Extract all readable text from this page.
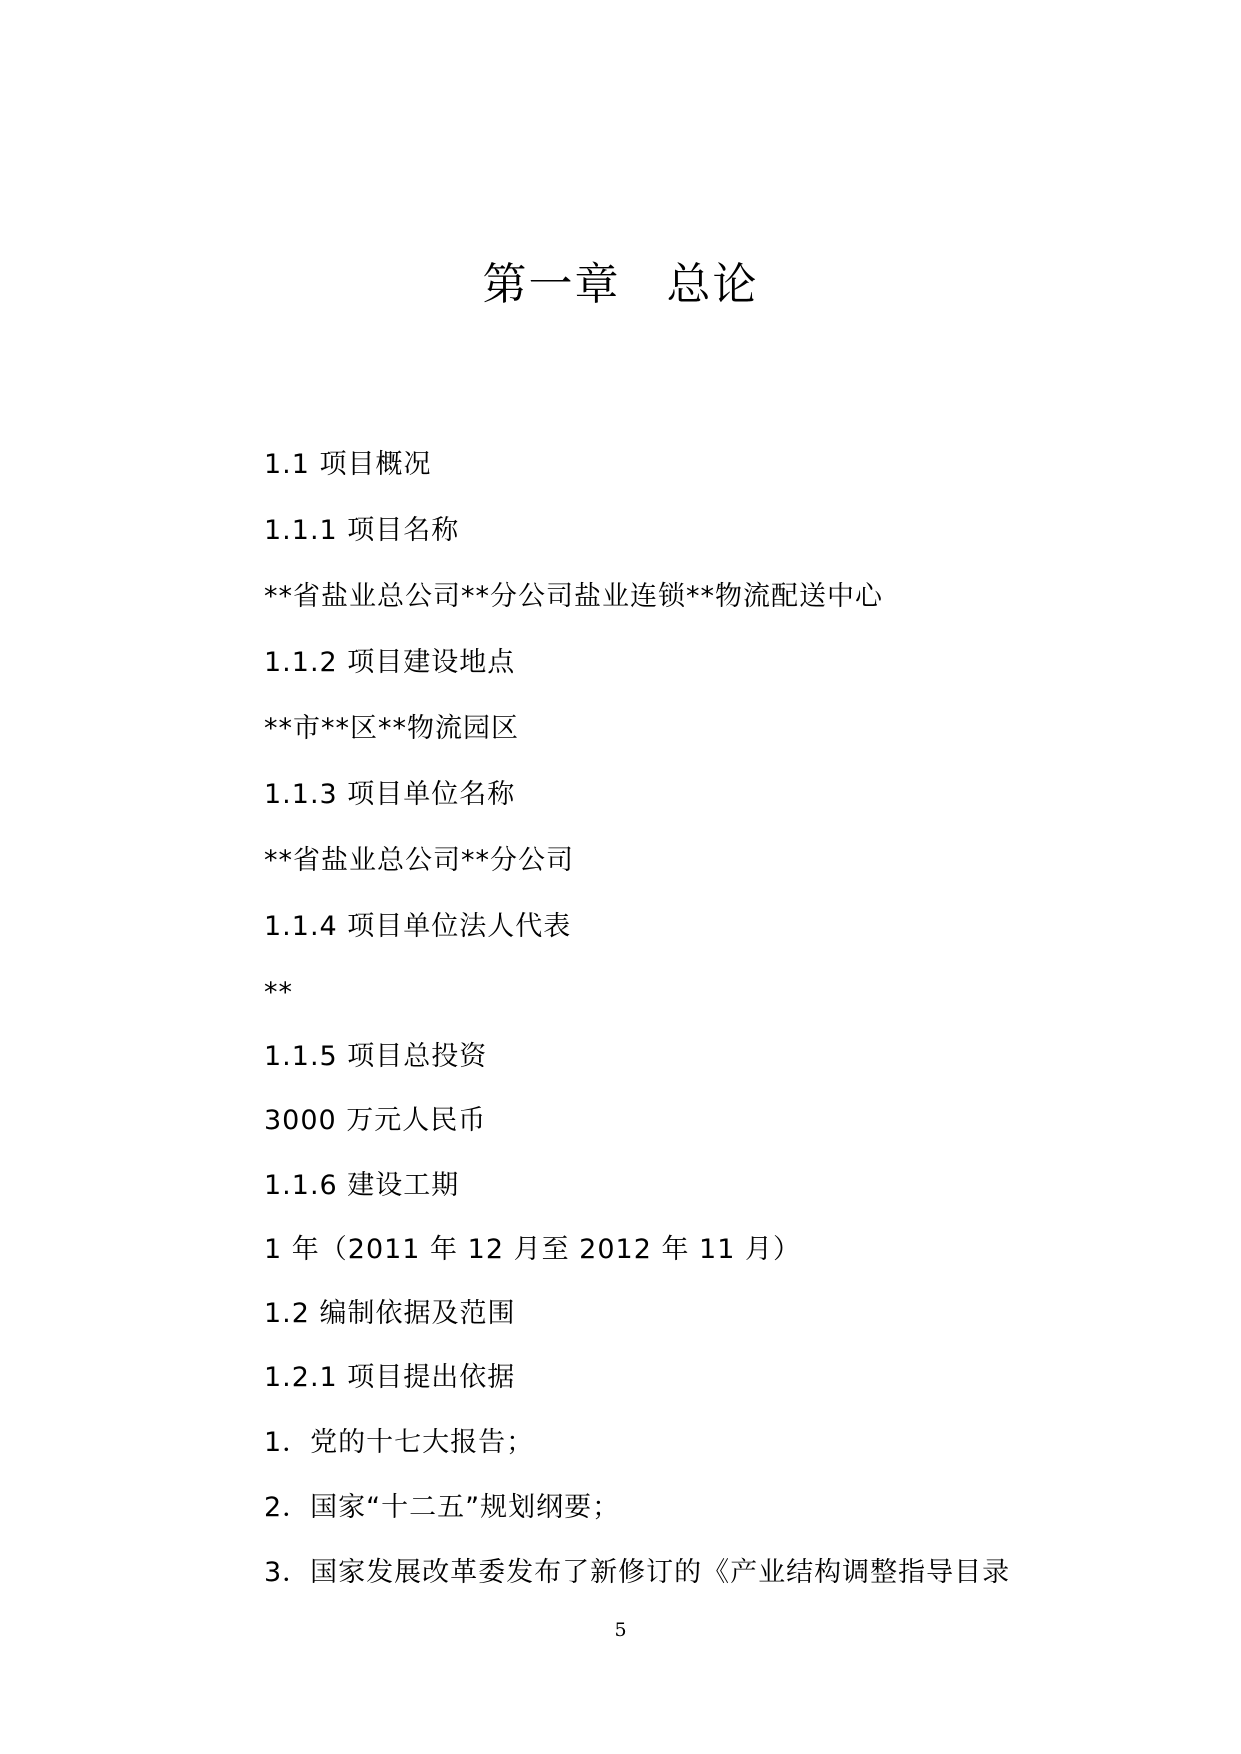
第一章　总论
1.1 项目概况
1.1.1 项目名称
**省盐业总公司**分公司盐业连锁**物流配送中心
1.1.2 项目建设地点
**市**区**物流园区
1.1.3 项目单位名称
**省盐业总公司**分公司
1.1.4 项目单位法人代表
**
1.1.5 项目总投资
3000 万元人民币
1.1.6 建设工期
1 年（2011 年 12 月至 2012 年 11 月）
1.2 编制依据及范围
1.2.1 项目提出依据
1．党的十七大报告；
2．国家“十二五”规划纲要；
3．国家发展改革委发布了新修订的《产业结构调整指导目录
5
